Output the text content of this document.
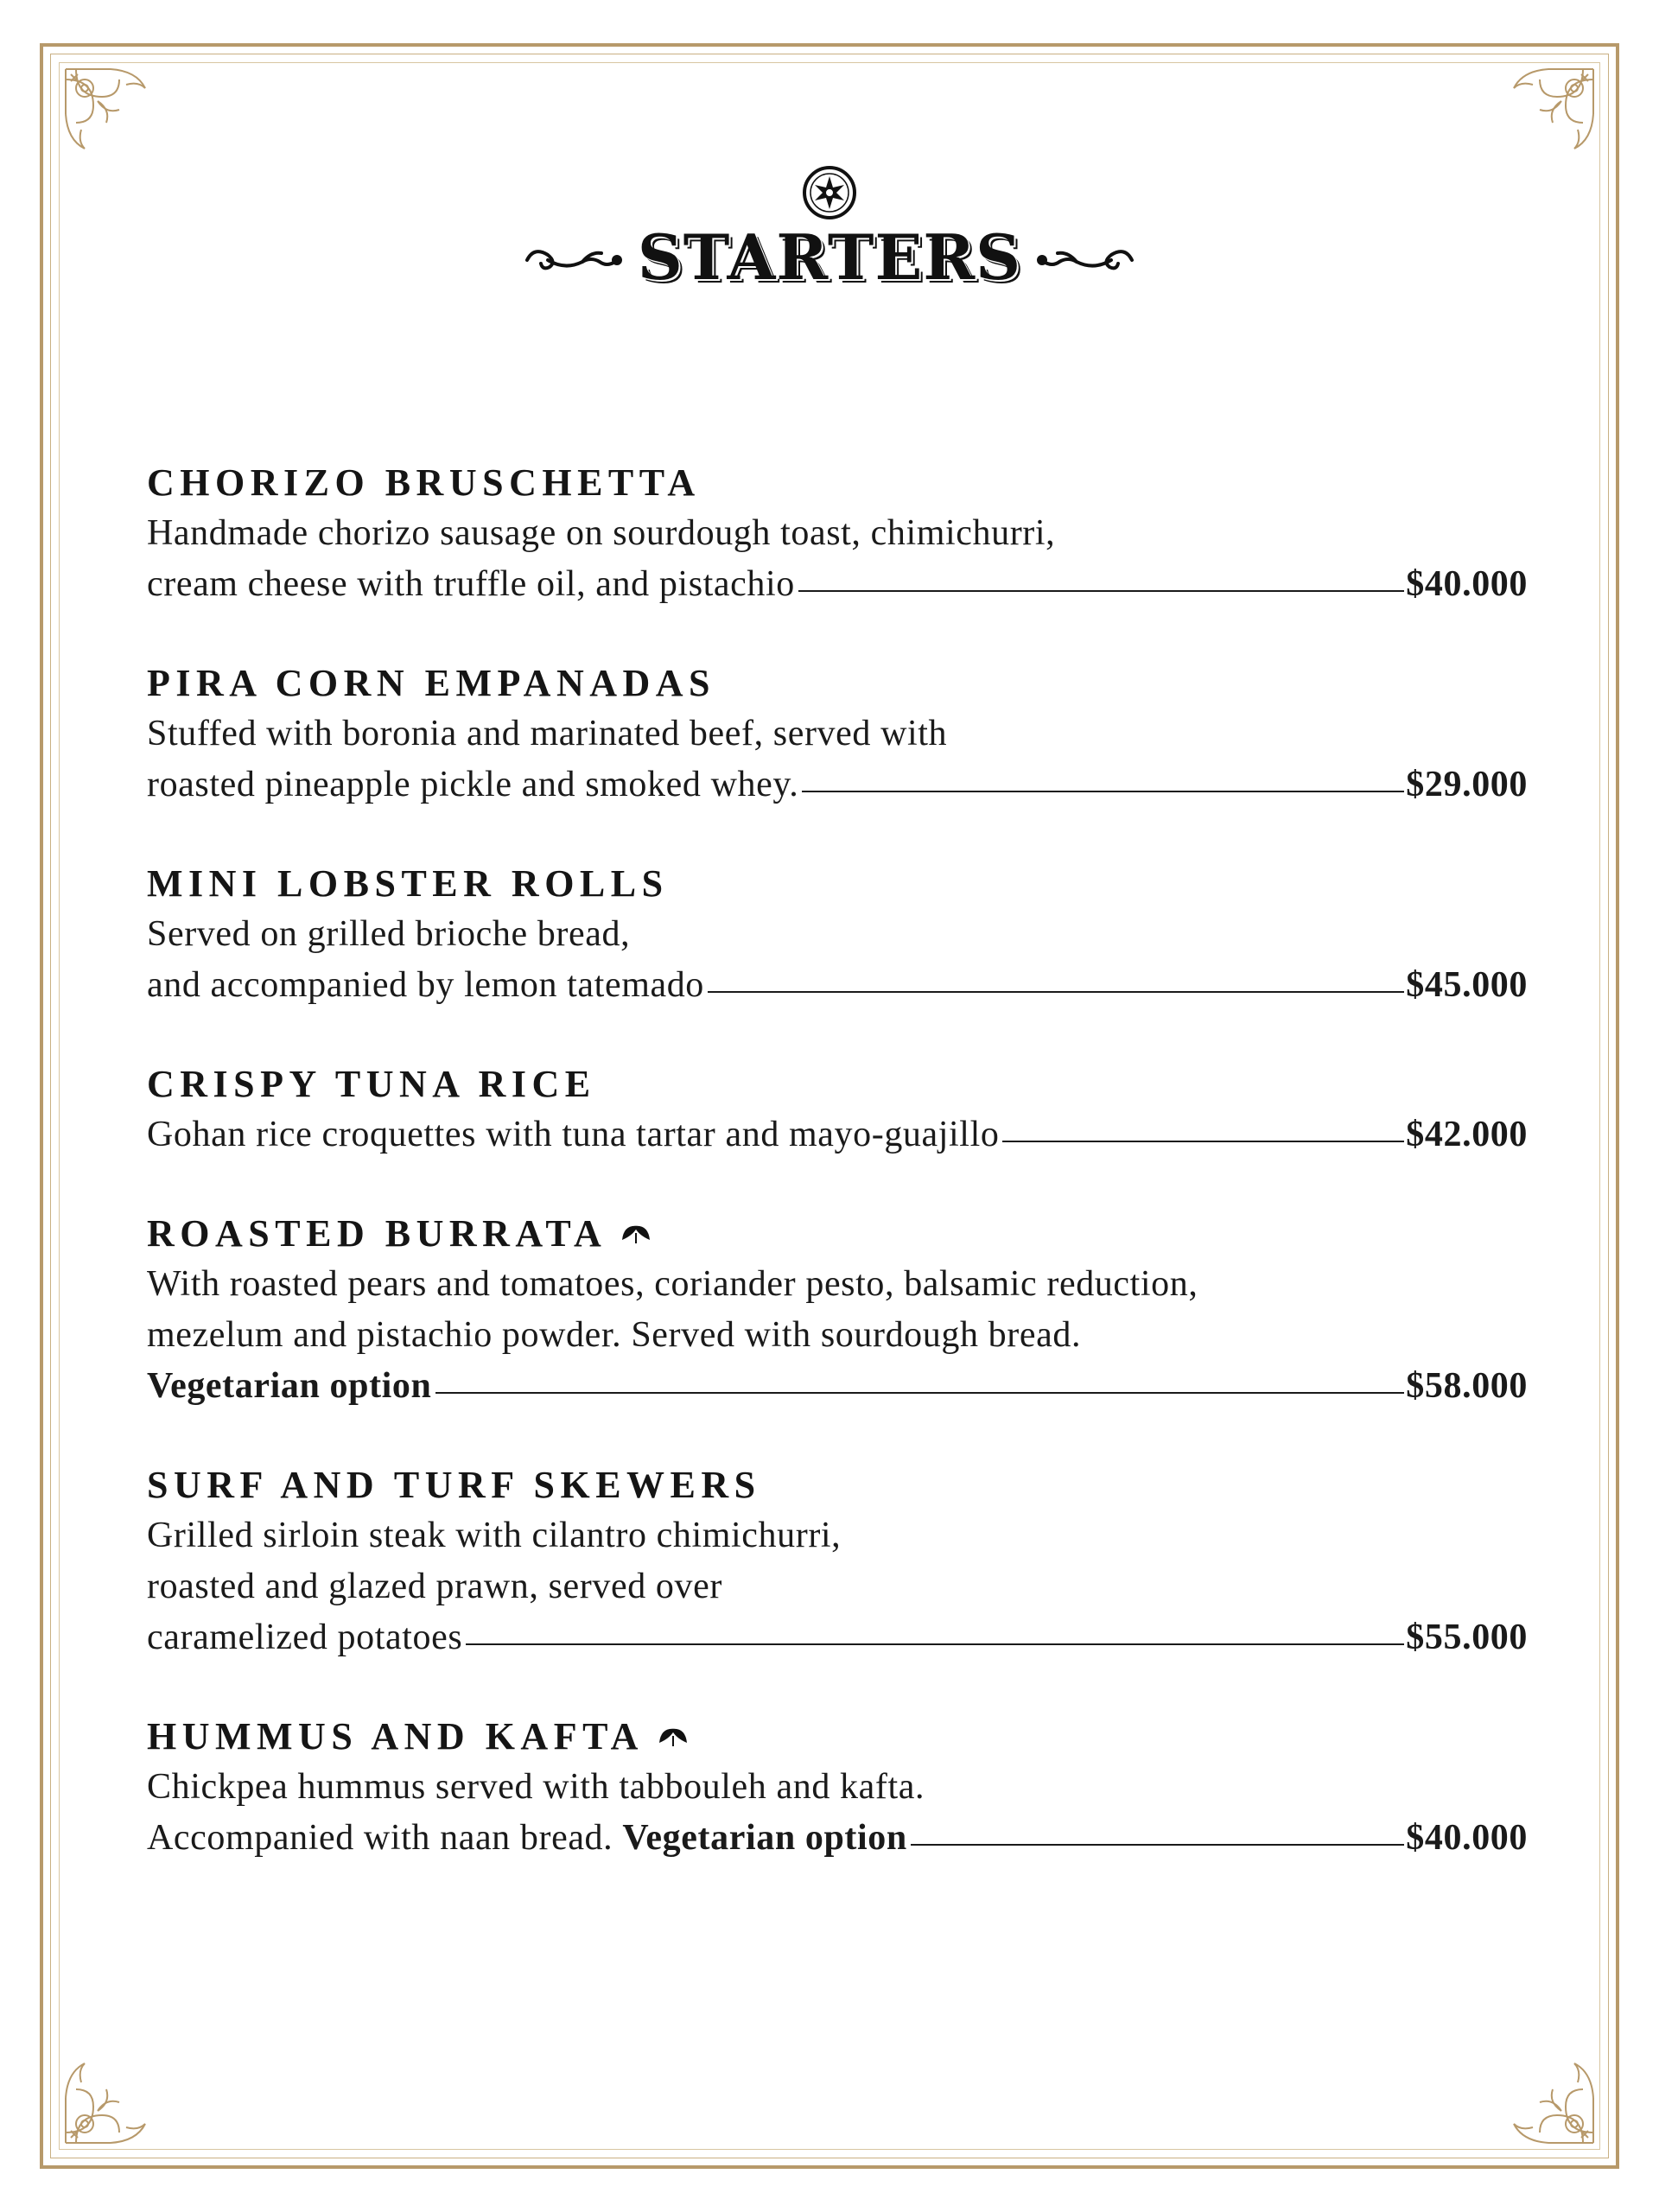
STARTERS
CHORIZO BRUSCHETTA
Handmade chorizo sausage on sourdough toast, chimichurri,
cream cheese with truffle oil, and pistachio	$40.000
PIRA CORN EMPANADAS
Stuffed with boronia and marinated beef, served with
roasted pineapple pickle and smoked whey.	$29.000
MINI LOBSTER ROLLS
Served on grilled brioche bread,
and accompanied by lemon tatemado	$45.000
CRISPY TUNA RICE
Gohan rice croquettes with tuna tartar and mayo-guajillo	$42.000
ROASTED BURRATA
With roasted pears and tomatoes, coriander pesto, balsamic reduction,
mezelum and pistachio powder. Served with sourdough bread.
Vegetarian option	$58.000
SURF AND TURF SKEWERS
Grilled sirloin steak with cilantro chimichurri,
roasted and glazed prawn, served over
caramelized potatoes	$55.000
HUMMUS AND KAFTA
Chickpea hummus served with tabbouleh and kafta.
Accompanied with naan bread. Vegetarian option	$40.000
